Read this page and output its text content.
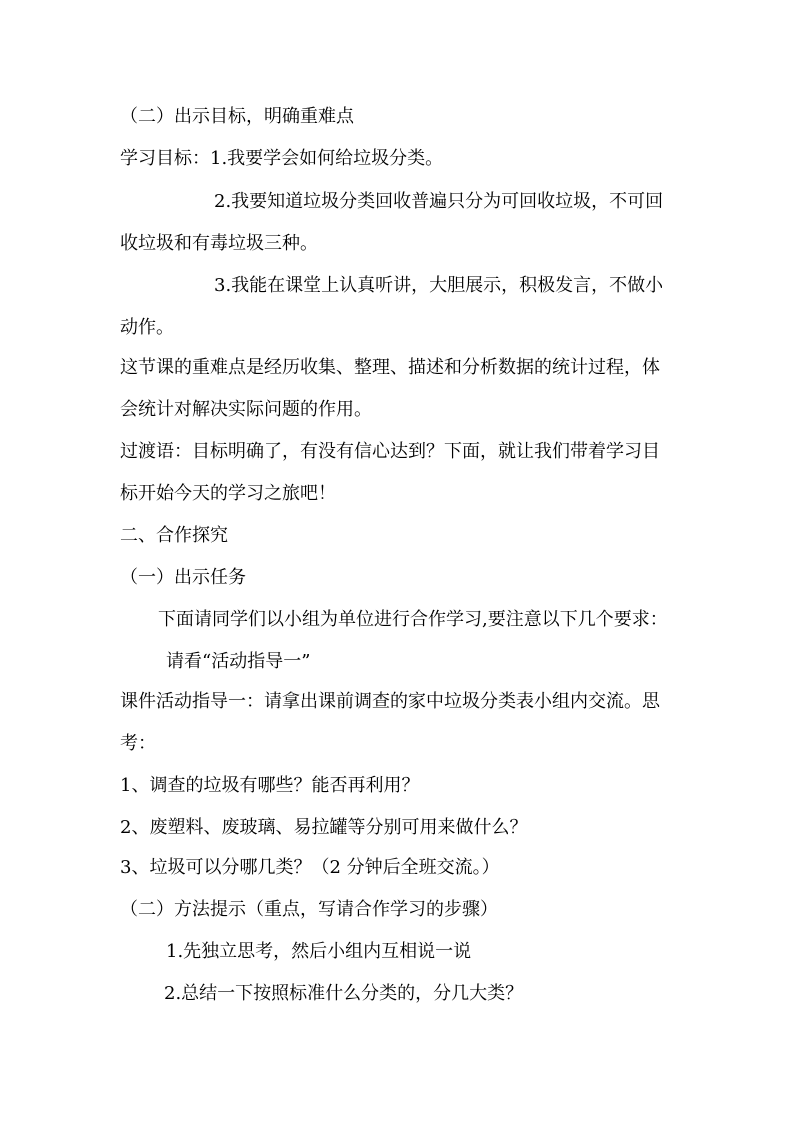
（二）出示目标，明确重难点
学习目标：1.我要学会如何给垃圾分类。
2.我要知道垃圾分类回收普遍只分为可回收垃圾，不可回
收垃圾和有毒垃圾三种。
3.我能在课堂上认真听讲，大胆展示，积极发言，不做小
动作。
这节课的重难点是经历收集、整理、描述和分析数据的统计过程，体
会统计对解决实际问题的作用。
过渡语：目标明确了，有没有信心达到？下面，就让我们带着学习目
标开始今天的学习之旅吧！
二、合作探究
（一）出示任务
下面请同学们以小组为单位进行合作学习,要注意以下几个要求：
请看“活动指导一”
课件活动指导一：请拿出课前调查的家中垃圾分类表小组内交流。思
考：
1、调查的垃圾有哪些？能否再利用？
2、废塑料、废玻璃、易拉罐等分别可用来做什么？
3、垃圾可以分哪几类？（2 分钟后全班交流。）
（二）方法提示（重点，写请合作学习的步骤）
1.先独立思考，然后小组内互相说一说
2.总结一下按照标准什么分类的，分几大类？
